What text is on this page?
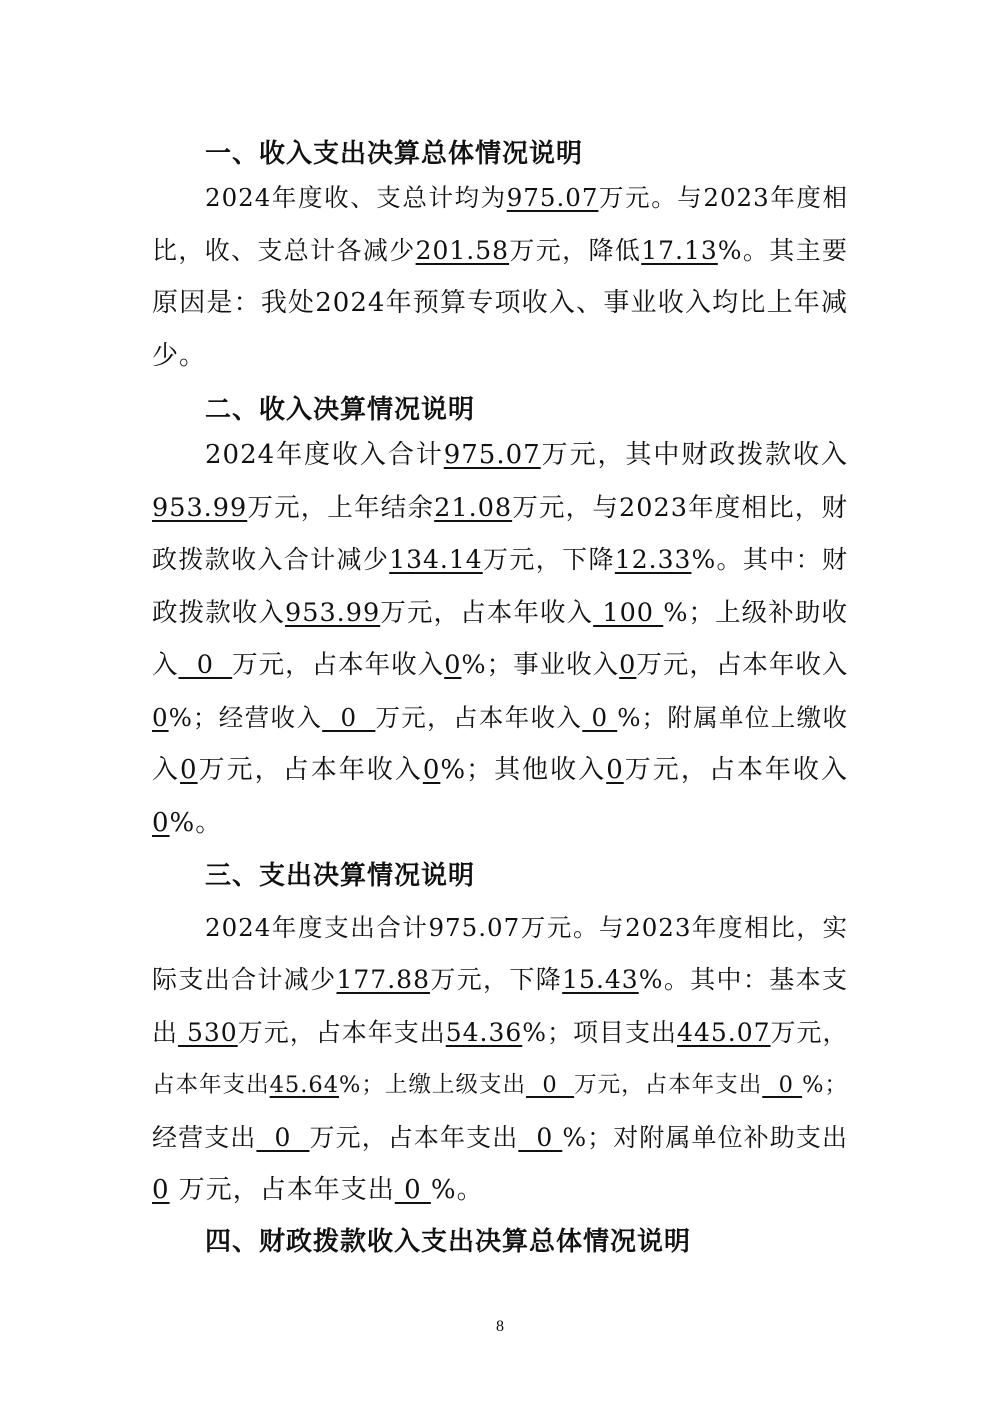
一、收入支出决算总体情况说明
2024年度收、支总计均为975.07万元。与2023年度相
比，收、支总计各减少201.58万元，降低17.13%。其主要
原因是：我处2024年预算专项收入、事业收入均比上年减
少。
二、收入决算情况说明
2024年度收入合计975.07万元，其中财政拨款收入
953.99万元，上年结余21.08万元，与2023年度相比，财
政拨款收入合计减少134.14万元，下降12.33%。其中：财
政拨款收入953.99万元，占本年收入 100 %；上级补助收
入  0  万元，占本年收入0%；事业收入0万元，占本年收入
0%；经营收入  0  万元，占本年收入 0 %；附属单位上缴收
入0万元，占本年收入0%；其他收入0万元，占本年收入
0%。
三、支出决算情况说明
2024年度支出合计975.07万元。与2023年度相比，实
际支出合计减少177.88万元，下降15.43%。其中：基本支
出 530万元，占本年支出54.36%；项目支出445.07万元，
占本年支出45.64%；上缴上级支出  0  万元，占本年支出  0 %；
经营支出  0  万元，占本年支出  0 %；对附属单位补助支出
0 万元，占本年支出 0 %。
四、财政拨款收入支出决算总体情况说明
8
